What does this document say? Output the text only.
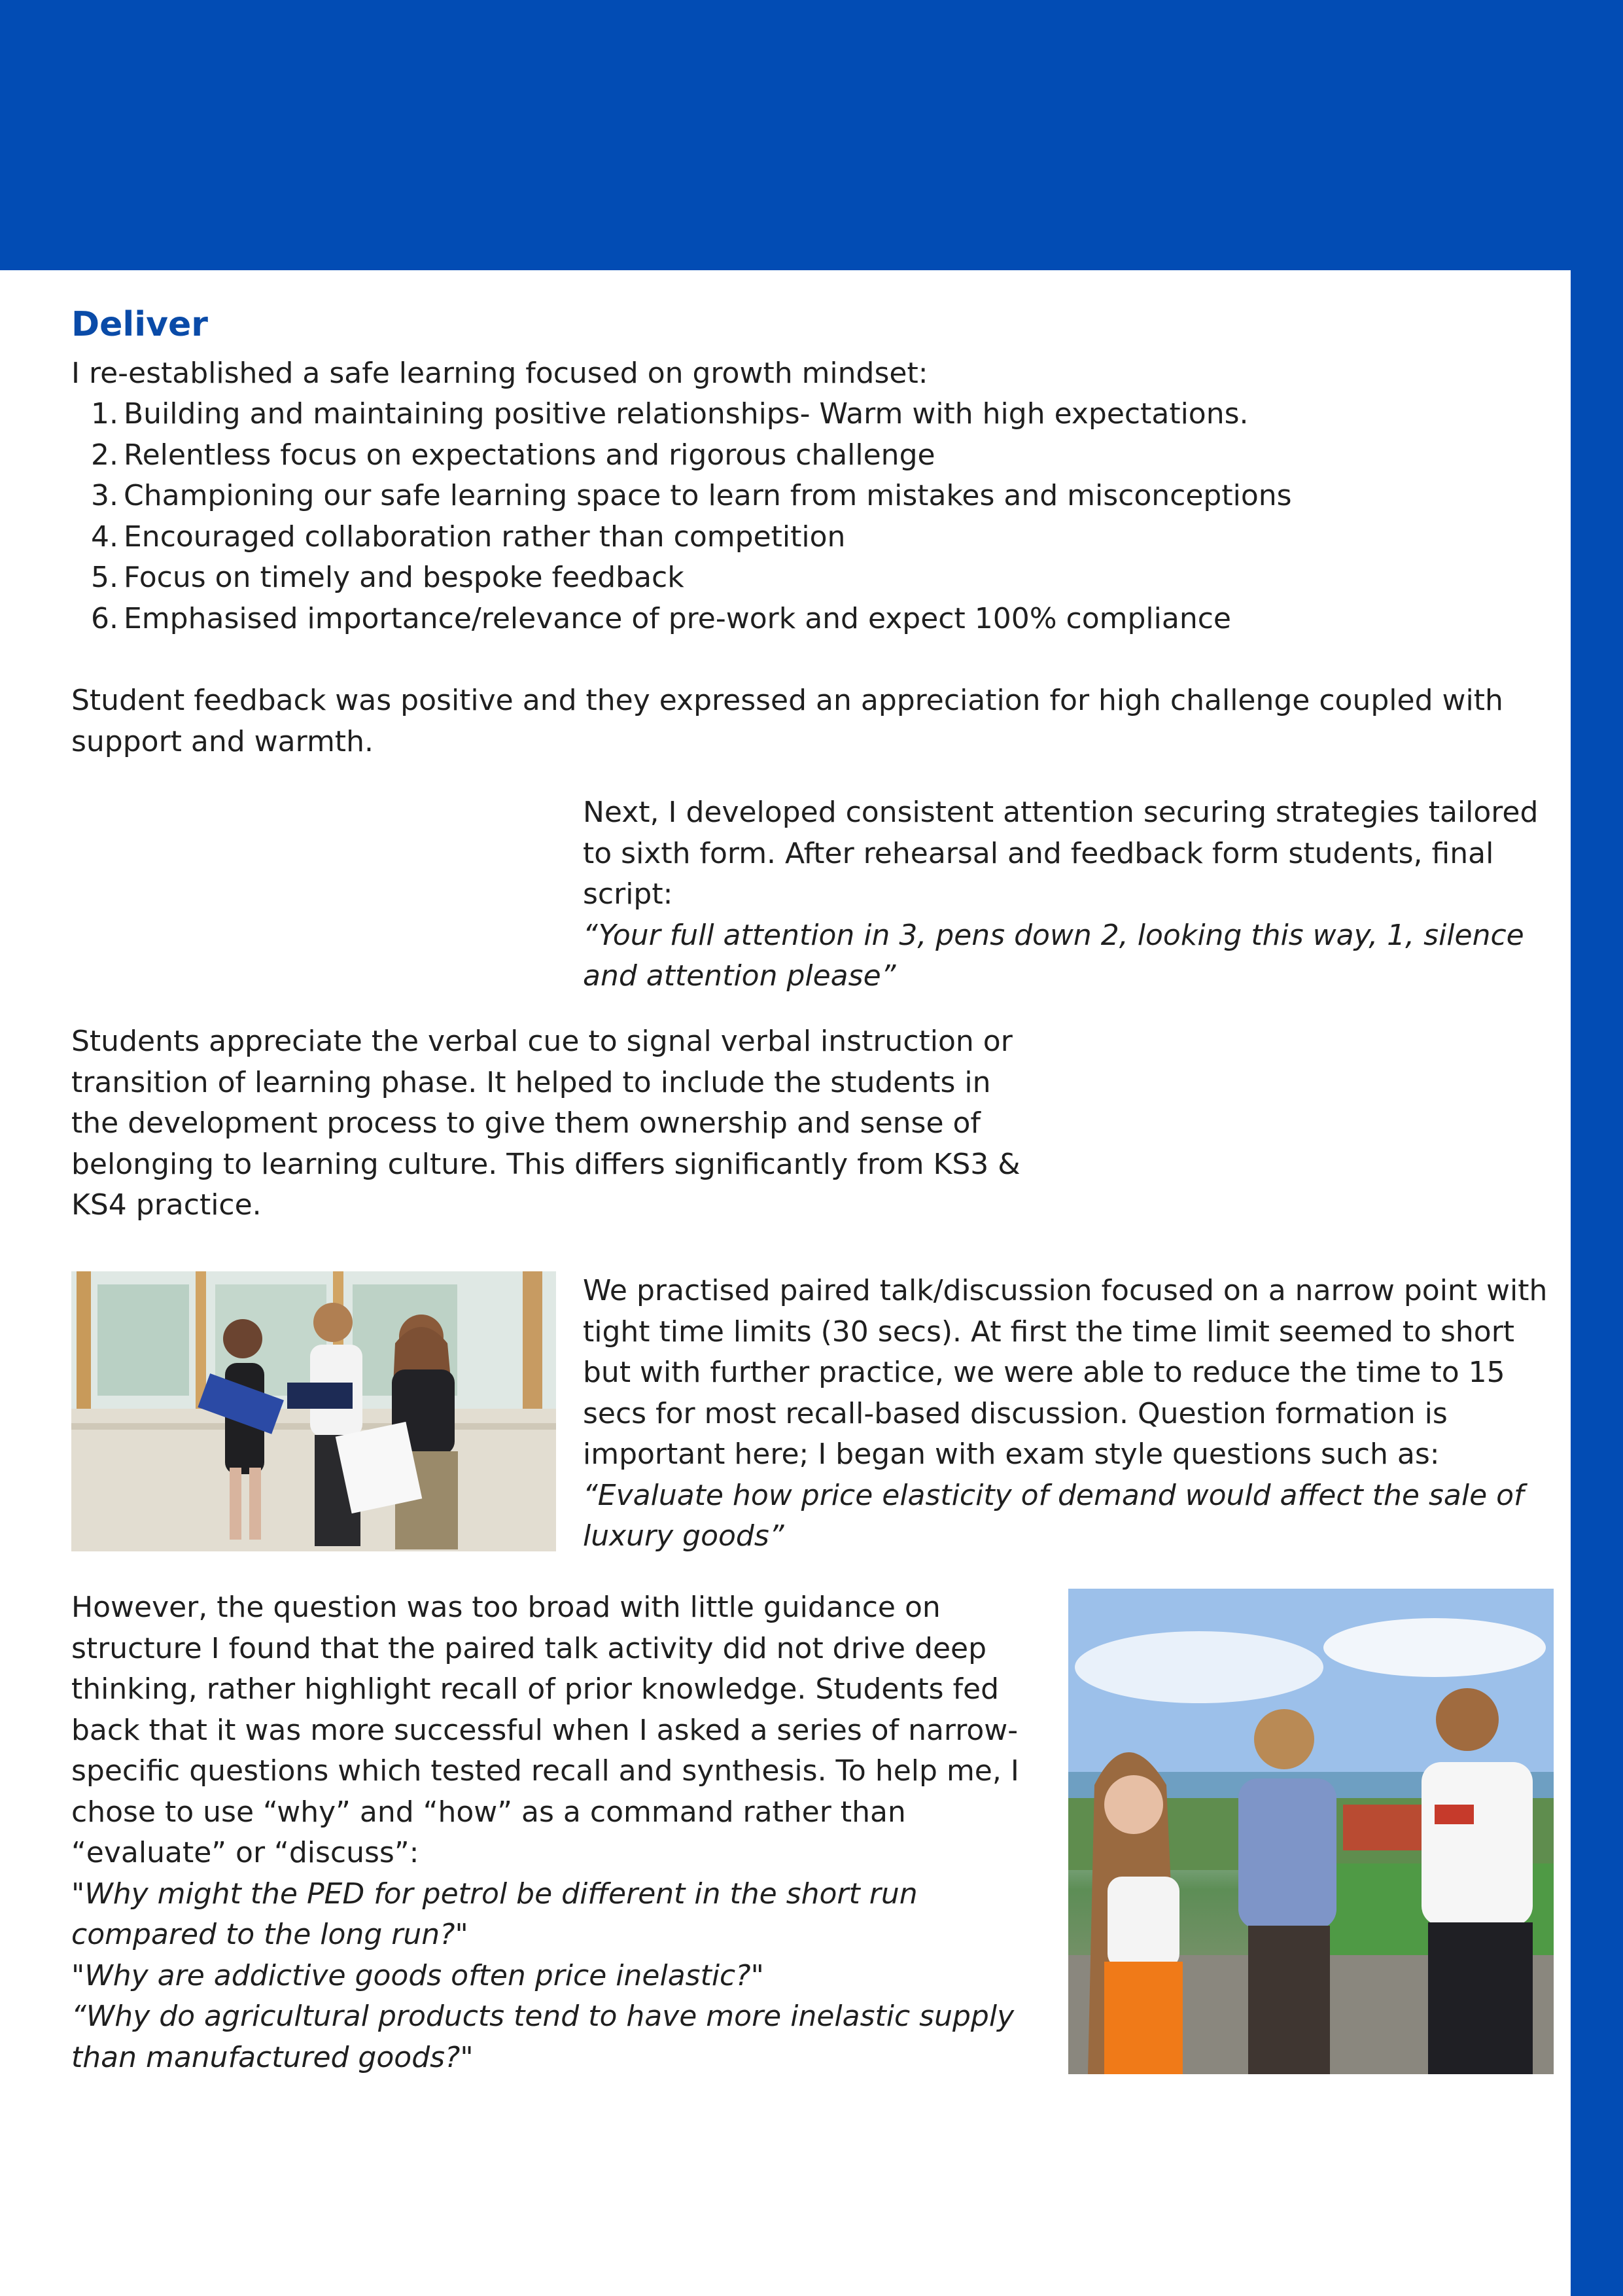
Deliver

I re-established a safe learning focused on growth mindset:

1. Building and maintaining positive relationships- Warm with high expectations.
2. Relentless focus on expectations and rigorous challenge
3. Championing our safe learning space to learn from mistakes and misconceptions
4. Encouraged collaboration rather than competition
5. Focus on timely and bespoke feedback
6. Emphasised importance/relevance of pre-work and expect 100% compliance

Student feedback was positive and they expressed an appreciation for high challenge coupled with support and warmth.

Next, I developed consistent attention securing strategies tailored to sixth form. After rehearsal and feedback form students, final script:
“Your full attention in 3, pens down 2, looking this way, 1, silence and attention please”

Students appreciate the verbal cue to signal verbal instruction or transition of learning phase. It helped to include the students in the development process to give them ownership and sense of belonging to learning culture. This differs significantly from KS3 & KS4 practice.

We practised paired talk/discussion focused on a narrow point with tight time limits (30 secs). At first the time limit seemed to short but with further practice, we were able to reduce the time to 15 secs for most recall-based discussion. Question formation is important here; I began with exam style questions such as:
“Evaluate how price elasticity of demand would affect the sale of luxury goods”
However, the question was too broad with little guidance on structure I found that the paired talk activity did not drive deep thinking, rather highlight recall of prior knowledge. Students fed back that it was more successful when I asked a series of narrow-specific questions which tested recall and synthesis. To help me, I chose to use “why” and “how” as a command rather than “evaluate” or “discuss”:
"Why might the PED for petrol be different in the short run compared to the long run?"
"Why are addictive goods often price inelastic?"
“Why do agricultural products tend to have more inelastic supply than manufactured goods?"
